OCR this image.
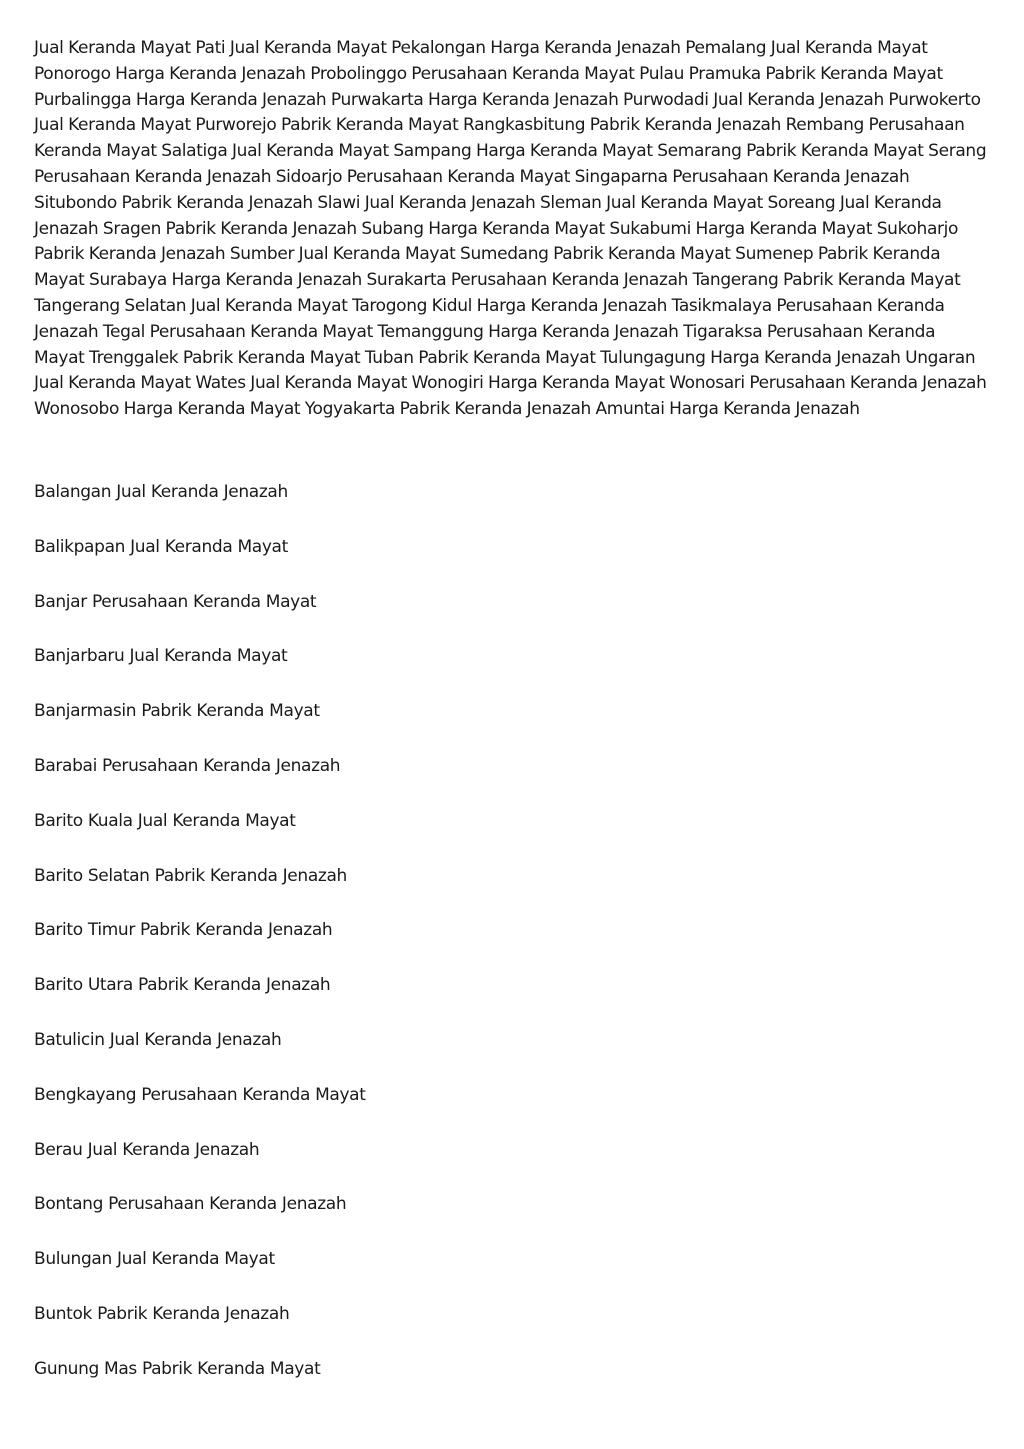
Jual Keranda Mayat Pati Jual Keranda Mayat Pekalongan Harga Keranda Jenazah Pemalang Jual Keranda Mayat Ponorogo Harga Keranda Jenazah Probolinggo Perusahaan Keranda Mayat Pulau Pramuka Pabrik Keranda Mayat Purbalingga Harga Keranda Jenazah Purwakarta Harga Keranda Jenazah Purwodadi Jual Keranda Jenazah Purwokerto Jual Keranda Mayat Purworejo Pabrik Keranda Mayat Rangkasbitung Pabrik Keranda Jenazah Rembang Perusahaan Keranda Mayat Salatiga Jual Keranda Mayat Sampang Harga Keranda Mayat Semarang Pabrik Keranda Mayat Serang Perusahaan Keranda Jenazah Sidoarjo Perusahaan Keranda Mayat Singaparna Perusahaan Keranda Jenazah Situbondo Pabrik Keranda Jenazah Slawi Jual Keranda Jenazah Sleman Jual Keranda Mayat Soreang Jual Keranda Jenazah Sragen Pabrik Keranda Jenazah Subang Harga Keranda Mayat Sukabumi Harga Keranda Mayat Sukoharjo Pabrik Keranda Jenazah Sumber Jual Keranda Mayat Sumedang Pabrik Keranda Mayat Sumenep Pabrik Keranda Mayat Surabaya Harga Keranda Jenazah Surakarta Perusahaan Keranda Jenazah Tangerang Pabrik Keranda Mayat Tangerang Selatan Jual Keranda Mayat Tarogong Kidul Harga Keranda Jenazah Tasikmalaya Perusahaan Keranda Jenazah Tegal Perusahaan Keranda Mayat Temanggung Harga Keranda Jenazah Tigaraksa Perusahaan Keranda Mayat Trenggalek Pabrik Keranda Mayat Tuban Pabrik Keranda Mayat Tulungagung Harga Keranda Jenazah Ungaran Jual Keranda Mayat Wates Jual Keranda Mayat Wonogiri Harga Keranda Mayat Wonosari Perusahaan Keranda Jenazah Wonosobo Harga Keranda Mayat Yogyakarta Pabrik Keranda Jenazah Amuntai Harga Keranda Jenazah

Balangan Jual Keranda Jenazah
Balikpapan Jual Keranda Mayat
Banjar Perusahaan Keranda Mayat
Banjarbaru Jual Keranda Mayat
Banjarmasin Pabrik Keranda Mayat
Barabai Perusahaan Keranda Jenazah
Barito Kuala Jual Keranda Mayat
Barito Selatan Pabrik Keranda Jenazah
Barito Timur Pabrik Keranda Jenazah
Barito Utara Pabrik Keranda Jenazah
Batulicin Jual Keranda Jenazah
Bengkayang Perusahaan Keranda Mayat
Berau Jual Keranda Jenazah
Bontang Perusahaan Keranda Jenazah
Bulungan Jual Keranda Mayat
Buntok Pabrik Keranda Jenazah
Gunung Mas Pabrik Keranda Mayat
